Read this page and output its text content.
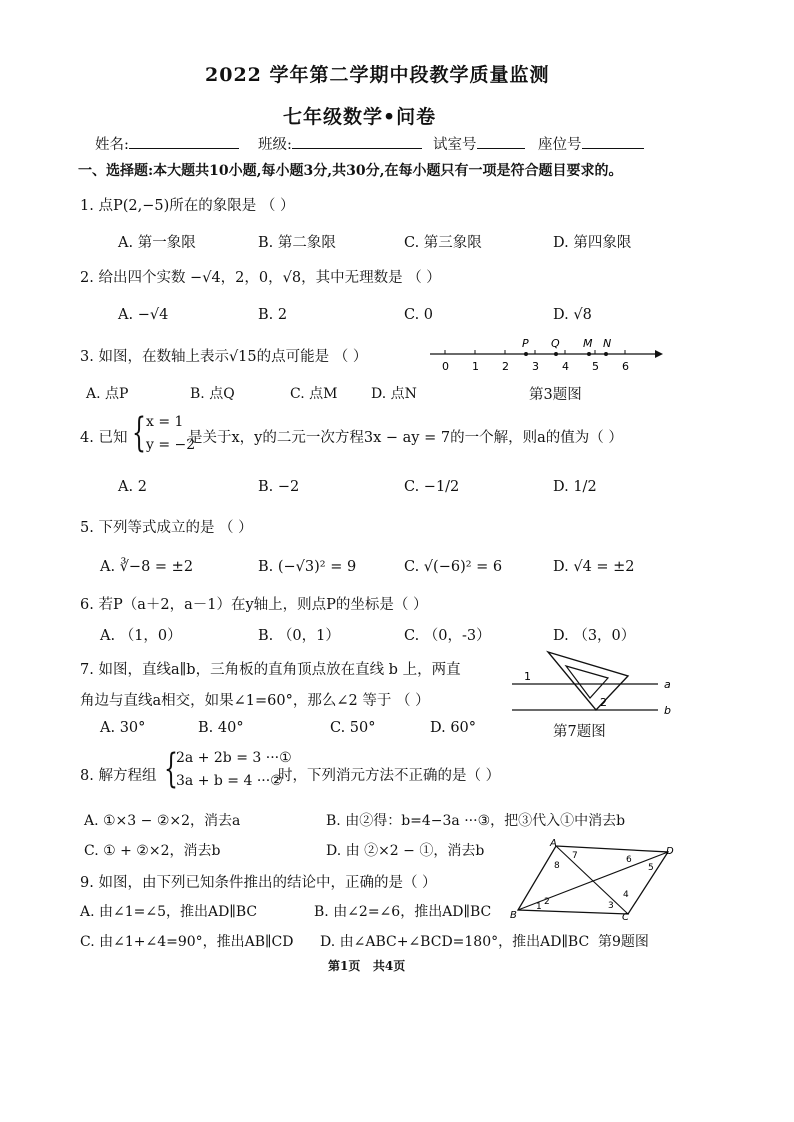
2022 学年第二学期中段教学质量监测
七年级数学•问卷
姓名:	班级:	试室号	座位号
一、选择题:本大题共10小题,每小题3分,共30分,在每小题只有一项是符合题目要求的。
1. 点P(2,−5)所在的象限是 （ ）
A. 第一象限	B. 第二象限	C. 第三象限	D. 第四象限
2. 给出四个实数 −√4，2，0，√8，其中无理数是 （ ）
A. −√4	B. 2	C. 0	D. √8
3. 如图，在数轴上表示√15的点可能是 （ ）
0 1 2 3 4 5 6
P Q M N
A. 点P	B. 点Q	C. 点M D. 点N	第3题图
4. 已知 { x = 1
y = −2
是关于x，y的二元一次方程3x − ay = 7的一个解，则a的值为（ ）
A. 2	B. −2	C. −1/2	D. 1/2
5. 下列等式成立的是 （ ）
A. ∛−8 = ±2	B. (−√3)² = 9	C. √(−6)² = 6	D. √4 = ±2
6. 若P（a＋2，a－1）在y轴上，则点P的坐标是（ ）
A. （1，0）	B. （0，1）	C. （0，-3）	D. （3，0）
7. 如图，直线a∥b，三角板的直角顶点放在直线 b 上，两直
角边与直线a相交，如果∠1=60°，那么∠2 等于 （ ）
A. 30°	B. 40°	C. 50°	D. 60°
1
2
a
b
第7题图
8. 解方程组 {
2a + 2b = 3 ···①
3a + b = 4 ···②
时，下列消元方法不正确的是（ ）
A. ①×3 − ②×2，消去a	B. 由②得：b=4−3a ···③，把③代入①中消去b
C. ① + ②×2，消去b	D. 由 ②×2 − ①，消去b
9. 如图，由下列已知条件推出的结论中，正确的是（ ）
A. 由∠1=∠5，推出AD∥BC	B. 由∠2=∠6，推出AD∥BC
C. 由∠1+∠4=90°，推出AB∥CD D. 由∠ABC+∠BCD=180°，推出AD∥BC 第9题图
A
B	C
D
1 2	3
4
5
6
7
8
第1页 共4页
